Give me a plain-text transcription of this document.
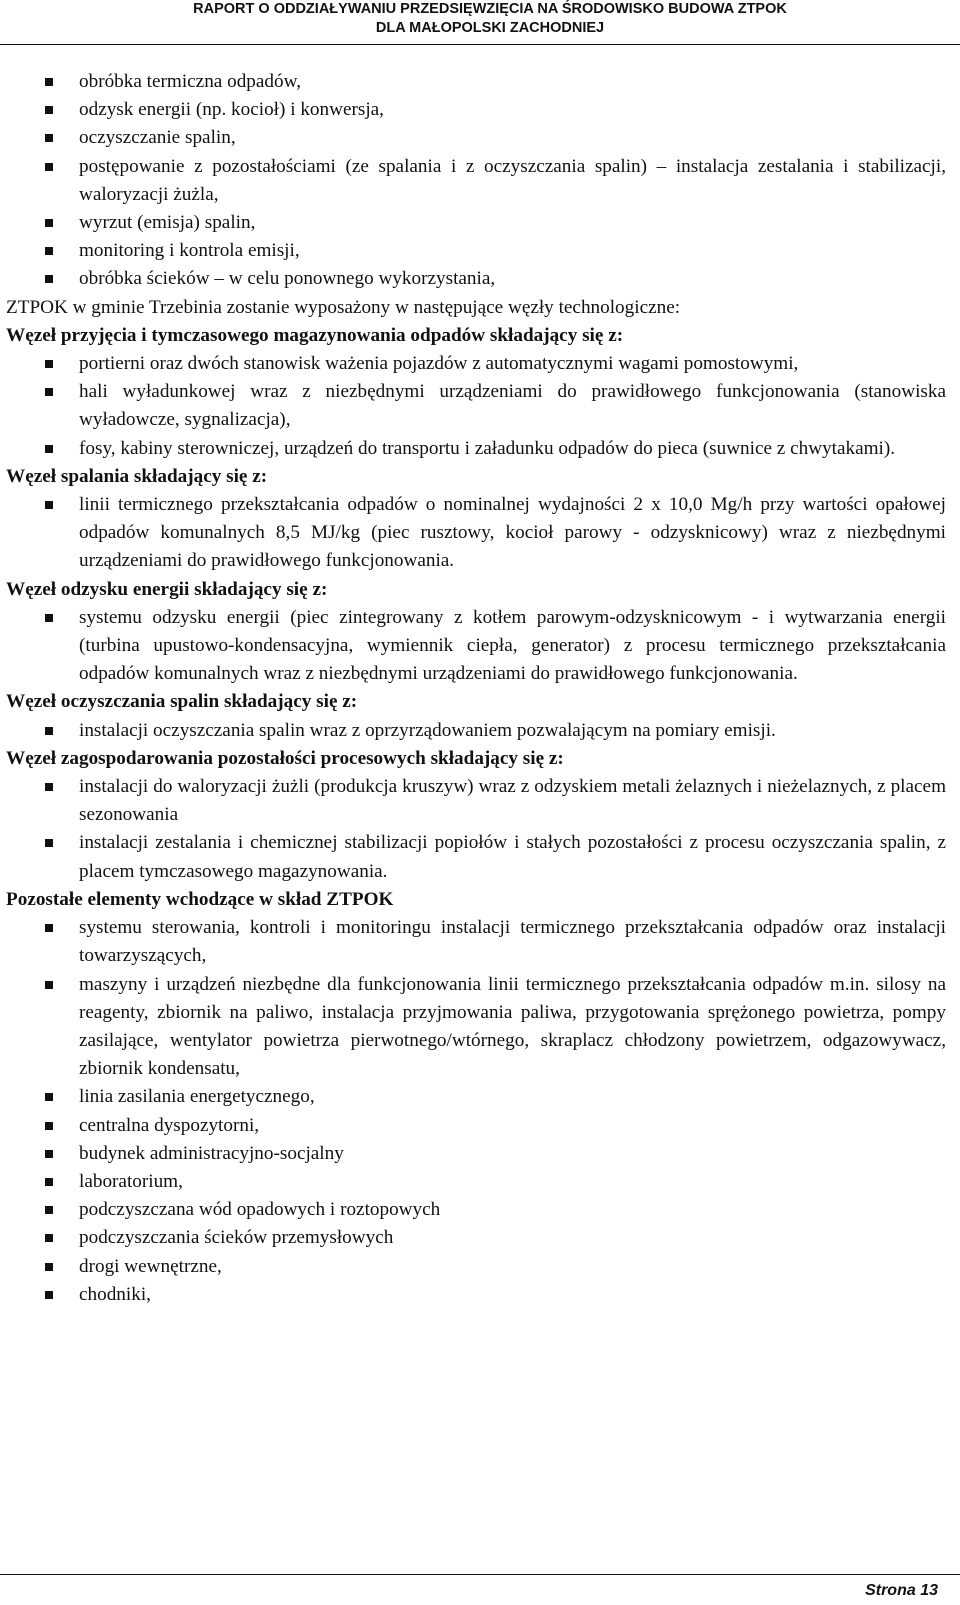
RAPORT O ODDZIAŁYWANIU PRZEDSIĘWZIĘCIA NA ŚRODOWISKO BUDOWA ZTPOK
DLA MAŁOPOLSKI ZACHODNIEJ
obróbka termiczna odpadów,
odzysk energii (np. kocioł) i konwersja,
oczyszczanie spalin,
postępowanie z pozostałościami (ze spalania i z oczyszczania spalin) – instalacja zestalania i stabilizacji, waloryzacji żużla,
wyrzut (emisja) spalin,
monitoring i kontrola emisji,
obróbka ścieków – w celu ponownego wykorzystania,
ZTPOK w gminie Trzebinia zostanie wyposażony w następujące węzły technologiczne:
Węzeł przyjęcia i tymczasowego magazynowania odpadów składający się z:
portierni oraz dwóch stanowisk ważenia pojazdów z automatycznymi wagami pomostowymi,
hali wyładunkowej wraz z niezbędnymi urządzeniami do prawidłowego funkcjonowania (stanowiska wyładowcze, sygnalizacja),
fosy, kabiny sterowniczej, urządzeń do transportu i załadunku odpadów do pieca (suwnice z chwytakami).
Węzeł spalania składający się z:
linii termicznego przekształcania odpadów o nominalnej wydajności 2 x 10,0 Mg/h przy wartości opałowej odpadów komunalnych 8,5 MJ/kg (piec rusztowy, kocioł parowy - odzysknicowy) wraz z niezbędnymi urządzeniami do prawidłowego funkcjonowania.
Węzeł odzysku energii składający się z:
systemu odzysku energii (piec zintegrowany z kotłem parowym-odzysknicowym - i wytwarzania energii (turbina upustowo-kondensacyjna, wymiennik ciepła, generator) z procesu termicznego przekształcania odpadów komunalnych wraz z niezbędnymi urządzeniami do prawidłowego funkcjonowania.
Węzeł oczyszczania spalin składający się z:
instalacji oczyszczania spalin wraz z oprzyrządowaniem pozwalającym na pomiary emisji.
Węzeł zagospodarowania pozostałości procesowych składający się z:
instalacji do waloryzacji żużli (produkcja kruszyw) wraz z odzyskiem metali żelaznych i nieżelaznych, z placem sezonowania
instalacji zestalania i chemicznej stabilizacji popiołów i stałych pozostałości z procesu oczyszczania spalin, z placem tymczasowego magazynowania.
Pozostałe elementy wchodzące w skład ZTPOK
systemu sterowania, kontroli i monitoringu instalacji termicznego przekształcania odpadów oraz instalacji towarzyszących,
maszyny i urządzeń niezbędne dla funkcjonowania linii termicznego przekształcania odpadów m.in. silosy na reagenty, zbiornik na paliwo, instalacja przyjmowania paliwa, przygotowania sprężonego powietrza, pompy zasilające, wentylator powietrza pierwotnego/wtórnego, skraplacz chłodzony powietrzem, odgazowywacz, zbiornik kondensatu,
linia zasilania energetycznego,
centralna dyspozytorni,
budynek administracyjno-socjalny
laboratorium,
podczyszczana wód opadowych i roztopowych
podczyszczania ścieków przemysłowych
drogi wewnętrzne,
chodniki,
Strona 13
